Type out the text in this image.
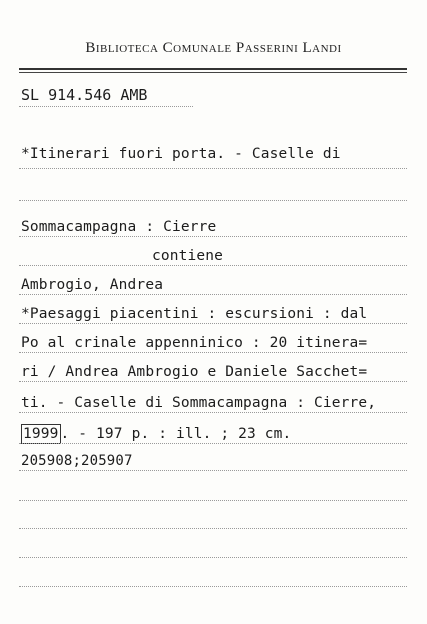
Biblioteca Comunale Passerini Landi
SL 914.546 AMB
*Itinerari fuori porta. - Caselle di
Sommacampagna : Cierre
contiene
Ambrogio, Andrea
*Paesaggi piacentini : escursioni : dal
Po al crinale appenninico : 20 itinera=
ri / Andrea Ambrogio e Daniele Sacchet=
ti. - Caselle di Sommacampagna : Cierre,
1999 . - 197 p. : ill. ; 23 cm.
205908;205907
